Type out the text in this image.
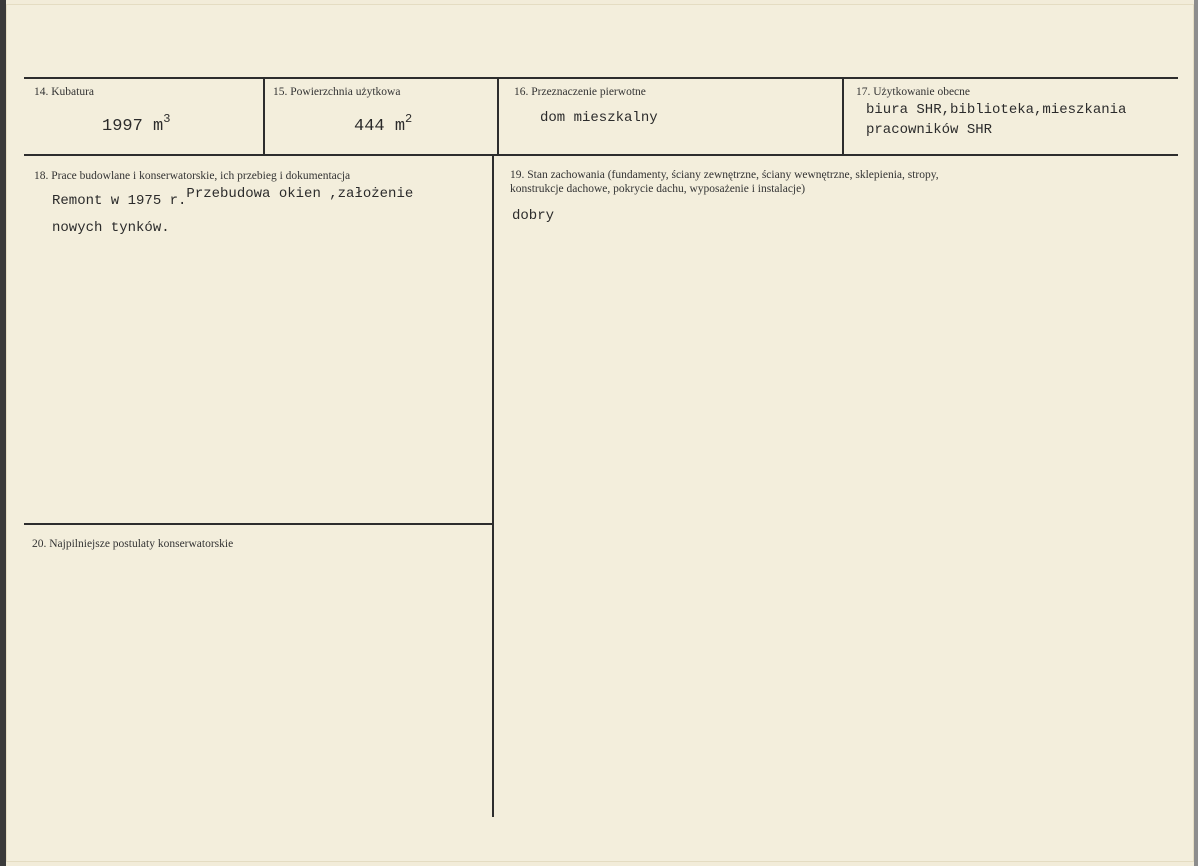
14. Kubatura
1997 $m^3$
15. Powierzchnia użytkowa
444 $m^2$
16. Przeznaczenie pierwotne
dom mieszkalny
17. Użytkowanie obecne
biura SHR,biblioteka,mieszkania
pracowników SHR
18. Prace budowlane i konserwatorskie, ich przebieg i dokumentacja
Remont w 1975 r.Przebudowa okien ,założenie
nowych tynków.
19. Stan zachowania (fundamenty, ściany zewnętrzne, ściany wewnętrzne, sklepienia, stropy,
konstrukcje dachowe, pokrycie dachu, wyposażenie i instalacje)
dobry
20. Najpilniejsze postulaty konserwatorskie
